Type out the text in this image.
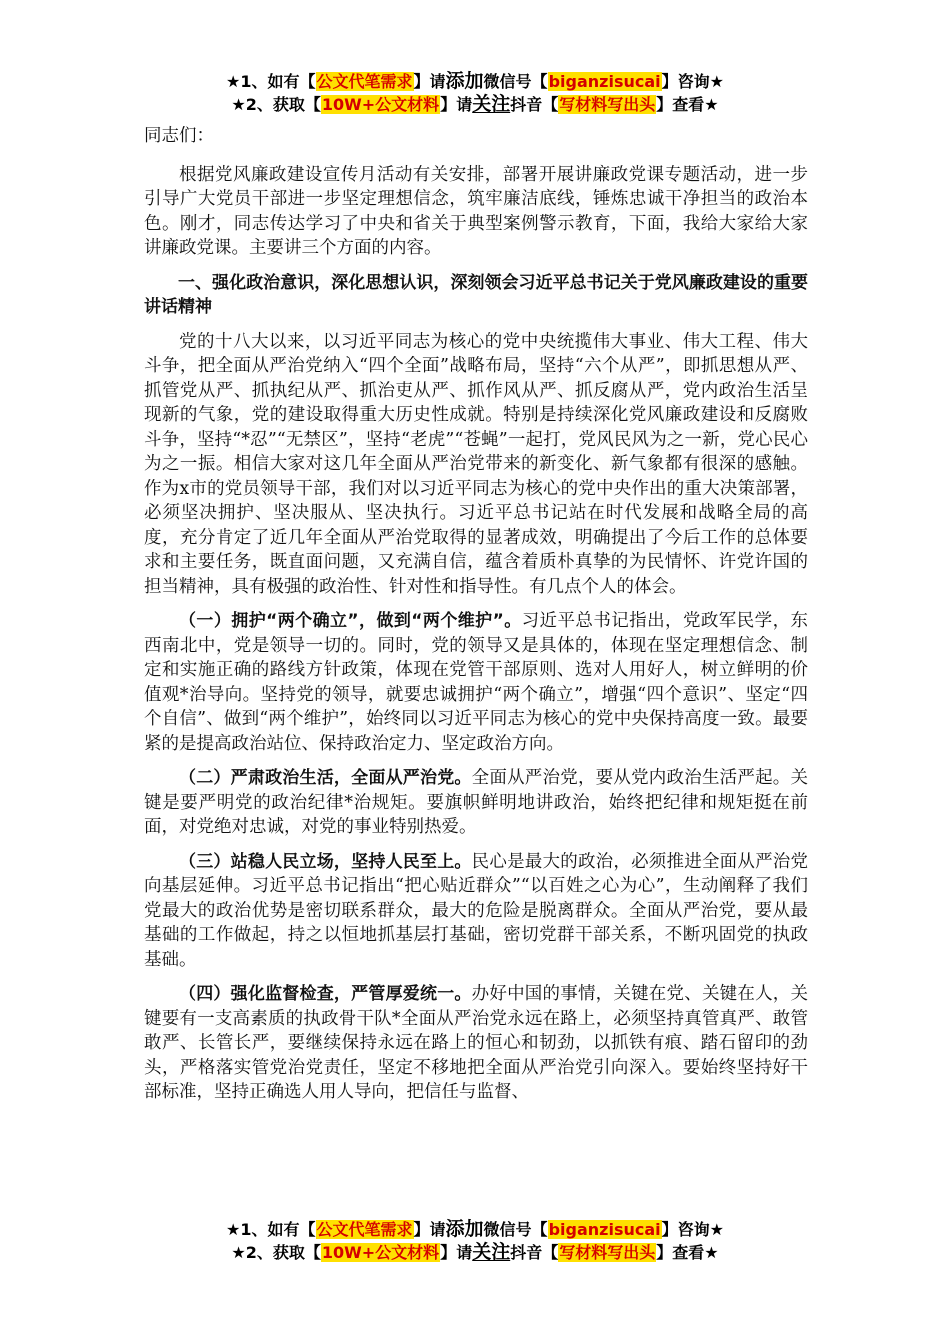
★1、如有【公文代笔需求】请添加微信号【biganzisucai】咨询★
★2、获取【10W+公文材料】请关注抖音【写材料写出头】查看★

同志们：

根据党风廉政建设宣传月活动有关安排，部署开展讲廉政党课专题活动，进一步引导广大党员干部进一步坚定理想信念，筑牢廉洁底线，锤炼忠诚干净担当的政治本色。刚才，同志传达学习了中央和省关于典型案例警示教育，下面，我给大家给大家讲廉政党课。主要讲三个方面的内容。

一、强化政治意识，深化思想认识，深刻领会习近平总书记关于党风廉政建设的重要讲话精神

党的十八大以来，以习近平同志为核心的党中央统揽伟大事业、伟大工程、伟大斗争，把全面从严治党纳入“四个全面”战略布局，坚持“六个从严”，即抓思想从严、抓管党从严、抓执纪从严、抓治吏从严、抓作风从严、抓反腐从严，党内政治生活呈现新的气象，党的建设取得重大历史性成就。特别是持续深化党风廉政建设和反腐败斗争，坚持“*忍”“无禁区”，坚持“老虎”“苍蝇”一起打，党风民风为之一新，党心民心为之一振。相信大家对这几年全面从严治党带来的新变化、新气象都有很深的感触。作为x市的党员领导干部，我们对以习近平同志为核心的党中央作出的重大决策部署，必须坚决拥护、坚决服从、坚决执行。习近平总书记站在时代发展和战略全局的高度，充分肯定了近几年全面从严治党取得的显著成效，明确提出了今后工作的总体要求和主要任务，既直面问题，又充满自信，蕴含着质朴真挚的为民情怀、许党许国的担当精神，具有极强的政治性、针对性和指导性。有几点个人的体会。

（一）拥护“两个确立”，做到“两个维护”。习近平总书记指出，党政军民学，东西南北中，党是领导一切的。同时，党的领导又是具体的，体现在坚定理想信念、制定和实施正确的路线方针政策，体现在党管干部原则、选对人用好人，树立鲜明的价值观*治导向。坚持党的领导，就要忠诚拥护“两个确立”，增强“四个意识”、坚定“四个自信”、做到“两个维护”，始终同以习近平同志为核心的党中央保持高度一致。最要紧的是提高政治站位、保持政治定力、坚定政治方向。

（二）严肃政治生活，全面从严治党。全面从严治党，要从党内政治生活严起。关键是要严明党的政治纪律*治规矩。要旗帜鲜明地讲政治，始终把纪律和规矩挺在前面，对党绝对忠诚，对党的事业特别热爱。

（三）站稳人民立场，坚持人民至上。民心是最大的政治，必须推进全面从严治党向基层延伸。习近平总书记指出“把心贴近群众”“以百姓之心为心”，生动阐释了我们党最大的政治优势是密切联系群众，最大的危险是脱离群众。全面从严治党，要从最基础的工作做起，持之以恒地抓基层打基础，密切党群干部关系，不断巩固党的执政基础。

（四）强化监督检查，严管厚爱统一。办好中国的事情，关键在党、关键在人，关键要有一支高素质的执政骨干队*全面从严治党永远在路上，必须坚持真管真严、敢管敢严、长管长严，要继续保持永远在路上的恒心和韧劲，以抓铁有痕、踏石留印的劲头，严格落实管党治党责任，坚定不移地把全面从严治党引向深入。要始终坚持好干部标准，坚持正确选人用人导向，把信任与监督、

★1、如有【公文代笔需求】请添加微信号【biganzisucai】咨询★
★2、获取【10W+公文材料】请关注抖音【写材料写出头】查看★
